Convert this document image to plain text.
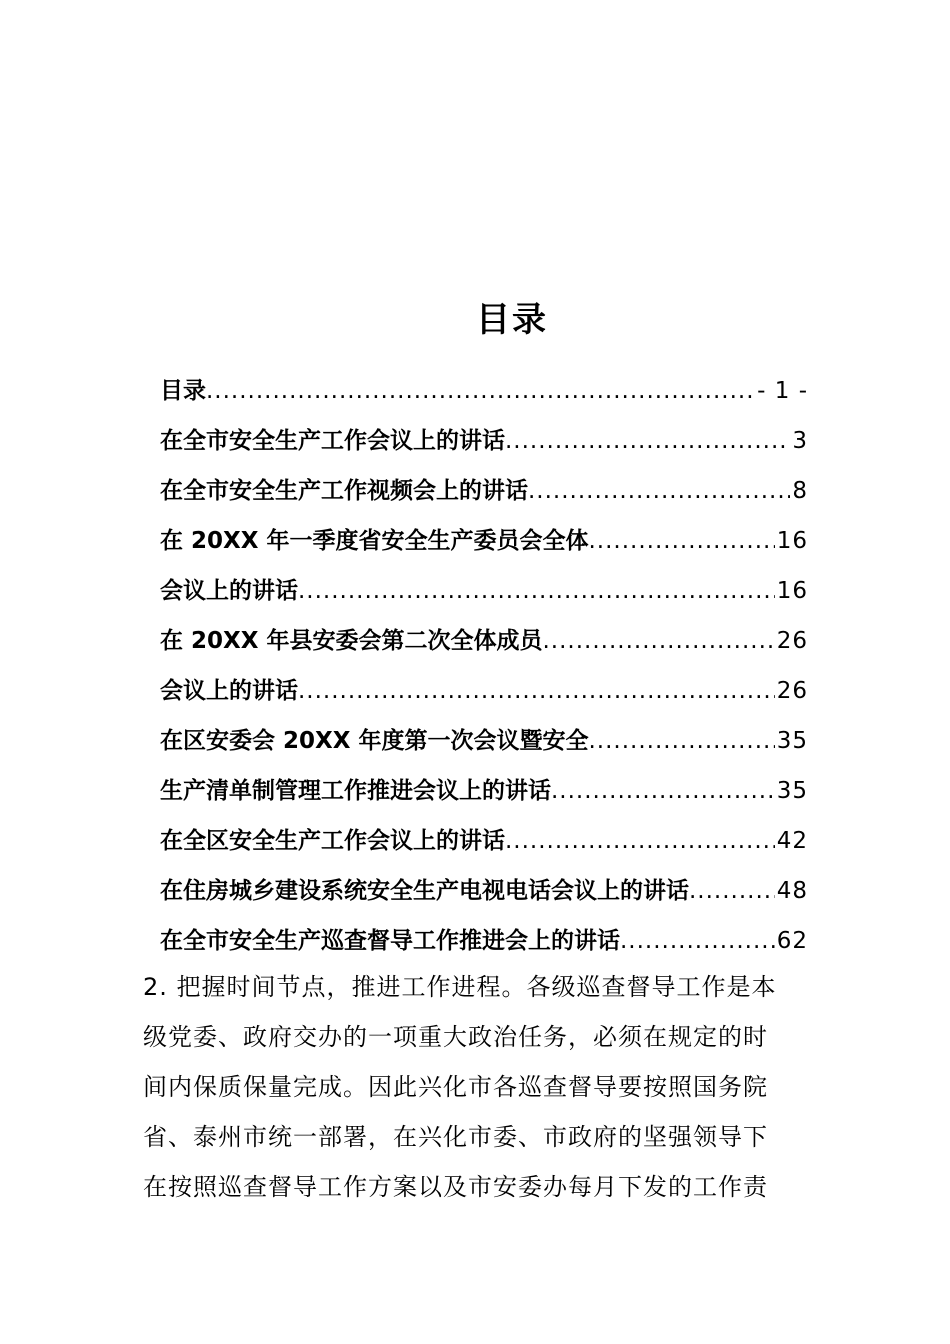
目录
目录 .....	- 1 -
在全市安全生产工作会议上的讲话 .....	3
在全市安全生产工作视频会上的讲话 .....	8
在 20XX 年一季度省安全生产委员会全体 .....	16
会议上的讲话 .....	16
在 20XX 年县安委会第二次全体成员 .....	26
会议上的讲话 .....	26
在区安委会 20XX 年度第一次会议暨安全 .....	35
生产清单制管理工作推进会议上的讲话 .....	35
在全区安全生产工作会议上的讲话 .....	42
在住房城乡建设系统安全生产电视电话会议上的讲话 .....	48
在全市安全生产巡查督导工作推进会上的讲话 .....	62
2. 把握时间节点，推进工作进程。各级巡查督导工作是本
级党委、政府交办的一项重大政治任务，必须在规定的时
间内保质保量完成。因此兴化市各巡查督导要按照国务院
省、泰州市统一部署，在兴化市委、市政府的坚强领导下
在按照巡查督导工作方案以及市安委办每月下发的工作责
